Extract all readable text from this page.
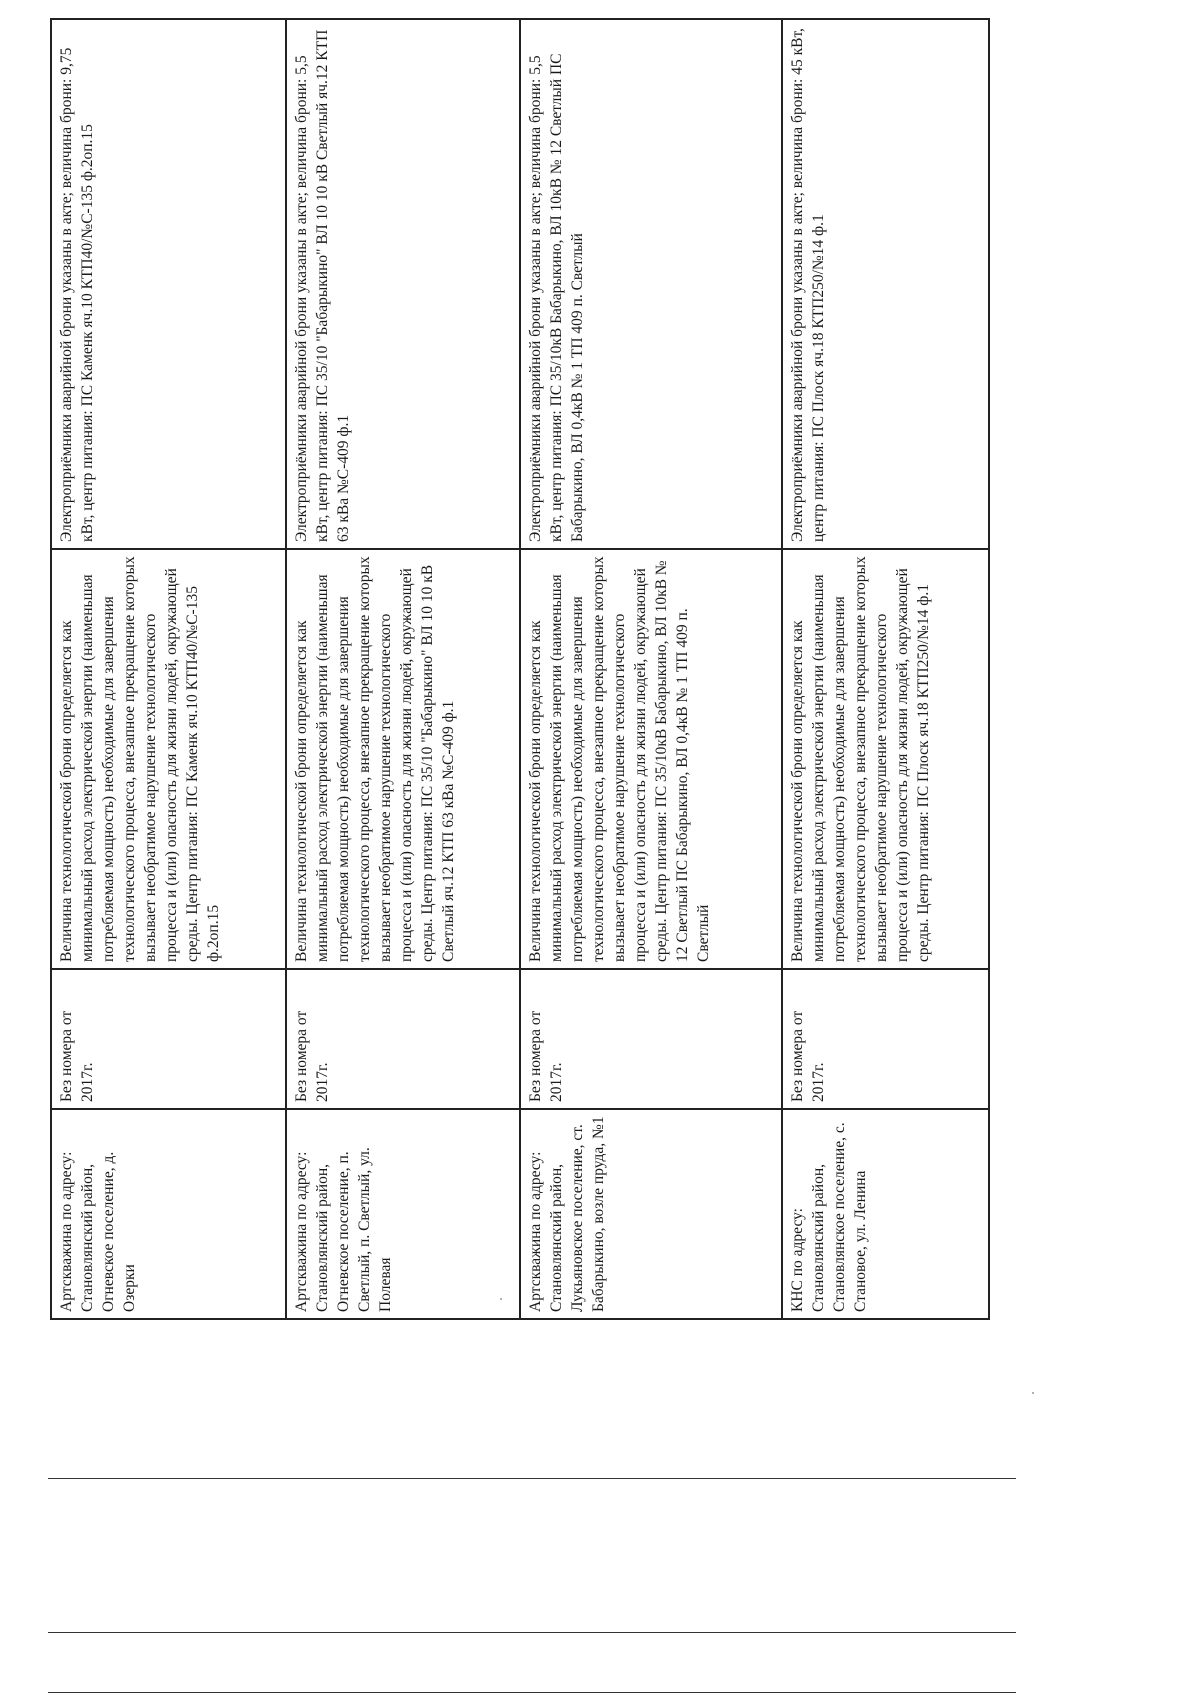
Артскважина по адресу: Становлянский район, Огневское поселение, д. Озерки	Без номера от 2017г.	Величина технологической брони определяется как минимальный расход электрической энергии (наименьшая потребляемая мощность) необходимые для завершения технологического процесса, внезапное прекращение которых вызывает необратимое нарушение технологического процесса и (или) опасность для жизни людей, окружающей среды. Центр питания: ПС Каменк яч.10 КТП40/№С-135 ф.2оп.15	Электроприёмники аварийной брони указаны в акте; величина брони: 9,75 кВт, центр питания: ПС Каменк яч.10 КТП40/№С-135 ф.2оп.15
Артскважина по адресу: Становлянский район, Огневское поселение, п. Светлый, п. Светлый, ул. Полевая	Без номера от 2017г.	Величина технологической брони определяется как минимальный расход электрической энергии (наименьшая потребляемая мощность) необходимые для завершения технологического процесса, внезапное прекращение которых вызывает необратимое нарушение технологического процесса и (или) опасность для жизни людей, окружающей среды. Центр питания: ПС 35/10 "Бабарыкино" ВЛ 10 10 кВ Светлый яч.12 КТП 63 кВа №С-409 ф.1	Электроприёмники аварийной брони указаны в акте; величина брони: 5,5 кВт, центр питания: ПС 35/10 "Бабарыкино" ВЛ 10 10 кВ Светлый яч.12 КТП 63 кВа №С-409 ф.1
Артскважина по адресу: Становлянский район, Лукьяновское поселение, ст. Бабарыкино, возле пруда, №1	Без номера от 2017г.	Величина технологической брони определяется как минимальный расход электрической энергии (наименьшая потребляемая мощность) необходимые для завершения технологического процесса, внезапное прекращение которых вызывает необратимое нарушение технологического процесса и (или) опасность для жизни людей, окружающей среды. Центр питания: ПС 35/10кВ Бабарыкино, ВЛ 10кВ № 12 Светлый ПС Бабарыкино, ВЛ 0,4кВ № 1 ТП 409 п. Светлый	Электроприёмники аварийной брони указаны в акте; величина брони: 5,5 кВт, центр питания: ПС 35/10кВ Бабарыкино, ВЛ 10кВ № 12 Светлый ПС Бабарыкино, ВЛ 0,4кВ № 1 ТП 409 п. Светлый
КНС по адресу: Становлянский район, Становлянское поселение, с. Становое, ул. Ленина	Без номера от 2017г.	Величина технологической брони определяется как минимальный расход электрической энергии (наименьшая потребляемая мощность) необходимые для завершения технологического процесса, внезапное прекращение которых вызывает необратимое нарушение технологического процесса и (или) опасность для жизни людей, окружающей среды. Центр питания: ПС Плоск яч.18 КТП250/№14 ф.1	Электроприёмники аварийной брони указаны в акте; величина брони: 45 кВт, центр питания: ПС Плоск яч.18 КТП250/№14 ф.1
